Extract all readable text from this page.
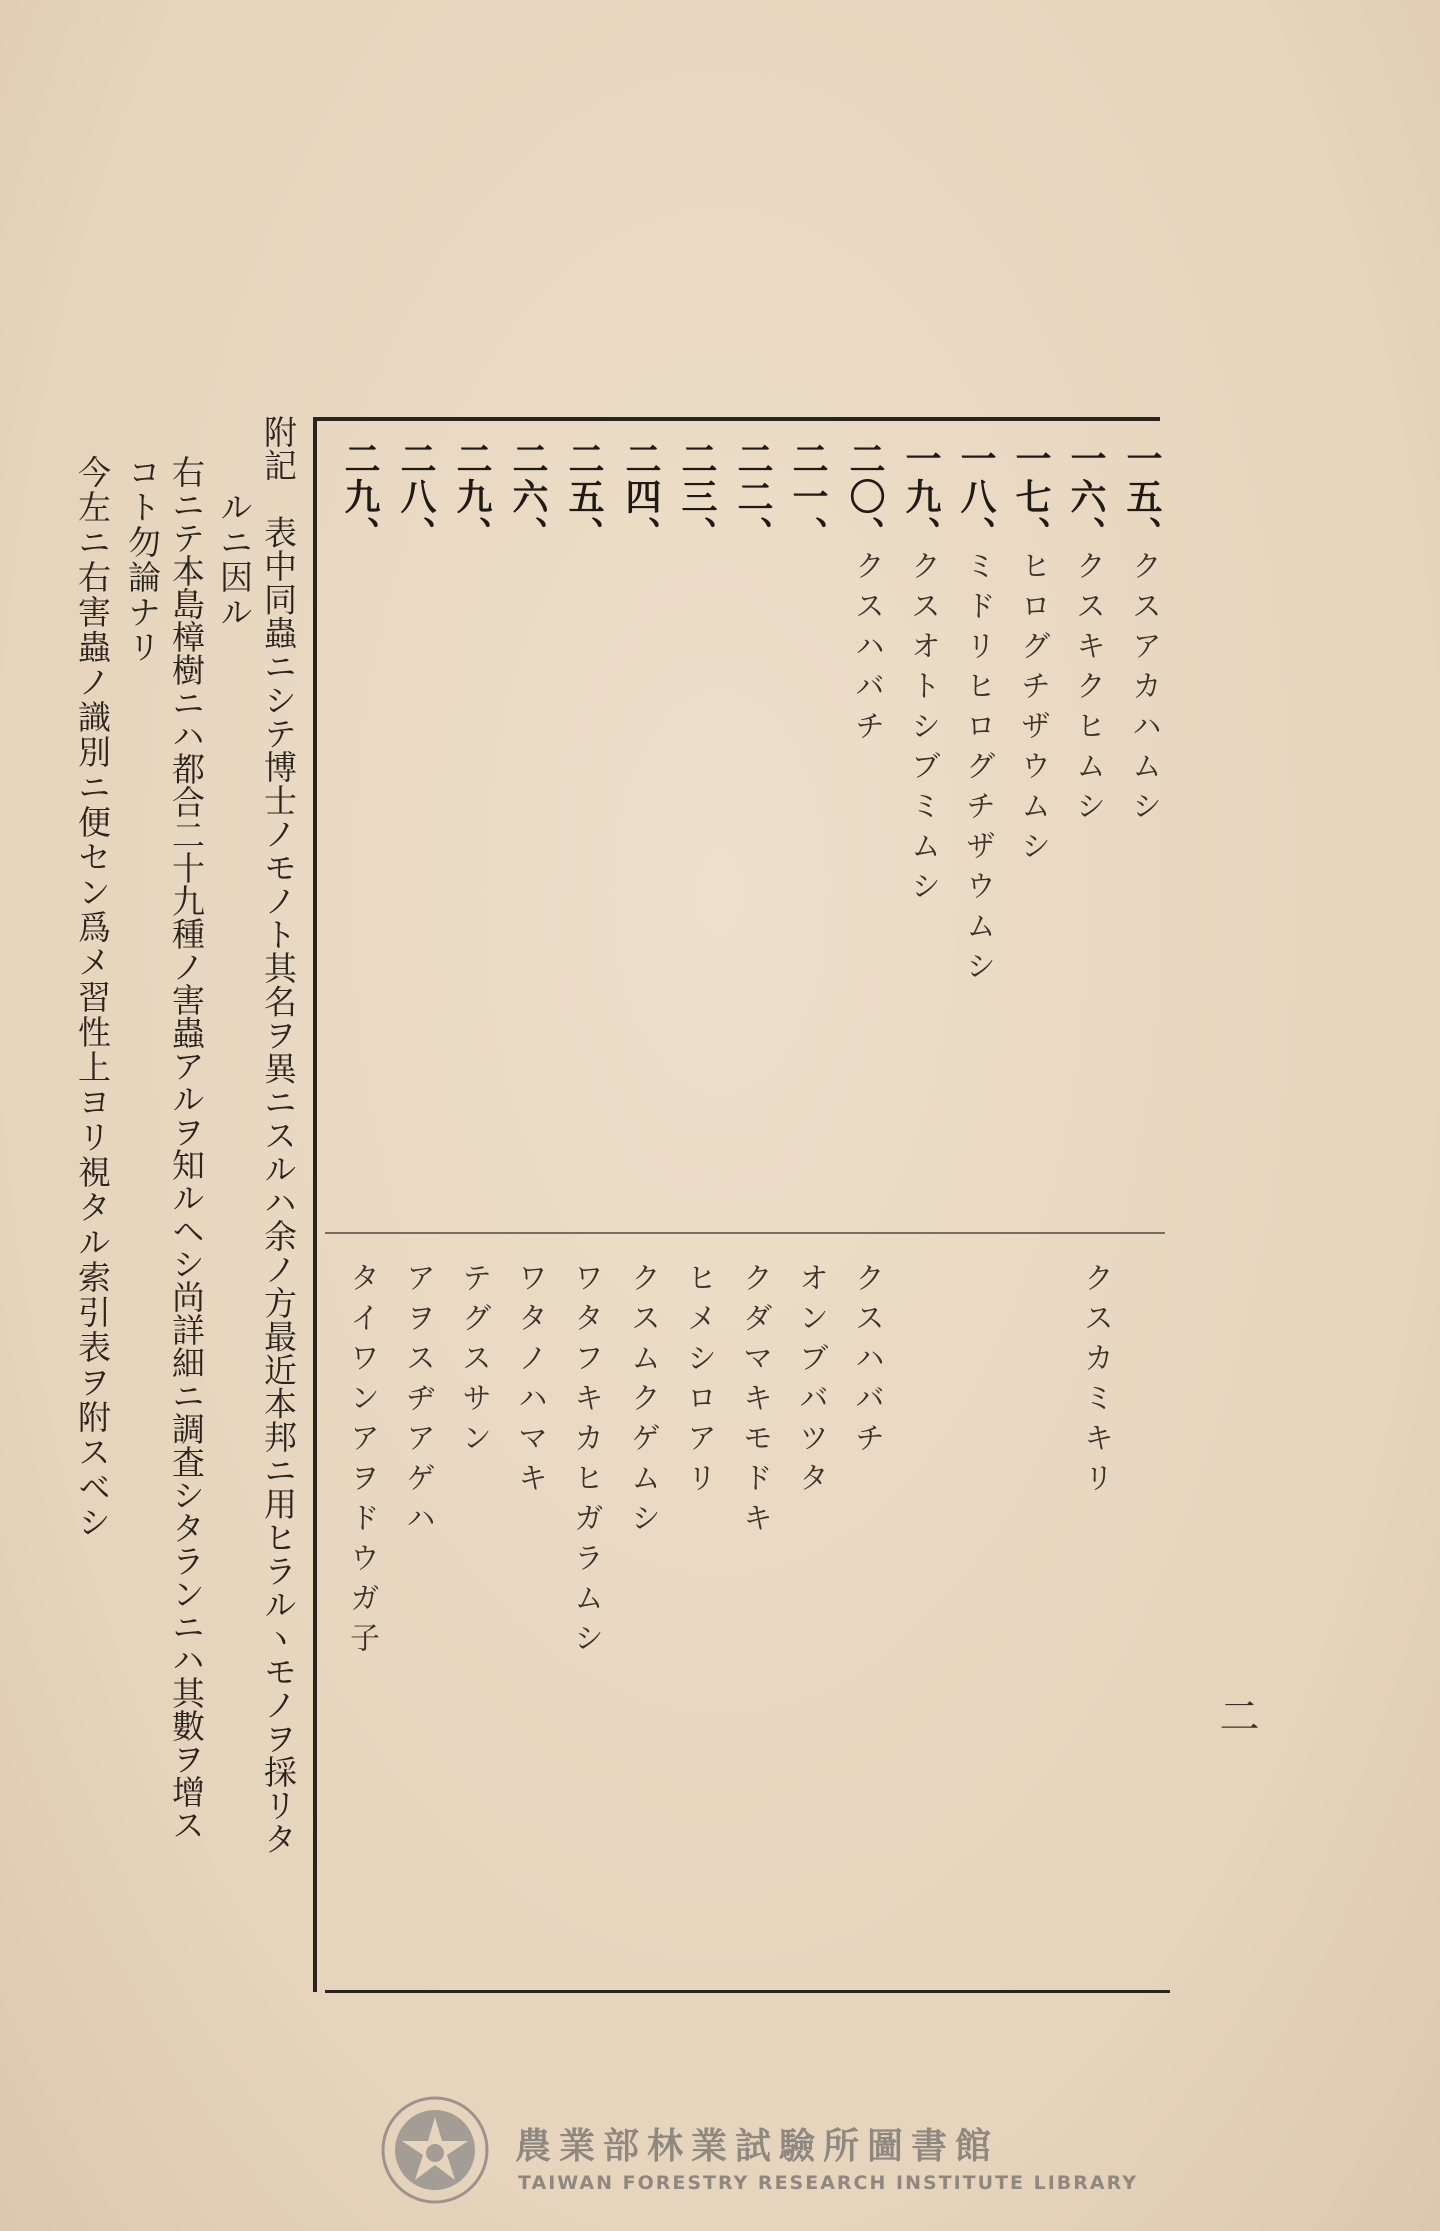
一五、
クスアカハムシ
クスカミキリ
一六、
クスキクヒムシ
一七、
ヒログチザウムシ
一八、
ミドリヒログチザウムシ
一九、
クスオトシブミムシ
二〇、
クスハバチ
クスハバチ
二一、
オンブバツタ
二二、
クダマキモドキ
二三、
ヒメシロアリ
二四、
クスムクゲムシ
二五、
ワタフキカヒガラムシ
二六、
ワタノハマキ
二九、
テグスサン
二八、
アヲスヂアゲハ
二九、
タイワンアヲドウガ子
附記　表中同蟲ニシテ博士ノモノト其名ヲ異ニスルハ余ノ方最近本邦ニ用ヒラルヽモノヲ採リタ
ルニ因ル
右ニテ本島樟樹ニハ都合二十九種ノ害蟲アルヲ知ルヘシ尚詳細ニ調査シタランニハ其數ヲ增ス
コト勿論ナリ
今左ニ右害蟲ノ識別ニ便セン爲メ習性上ヨリ視タル索引表ヲ附スベシ
二
農業部林業試驗所圖書館
TAIWAN FORESTRY RESEARCH INSTITUTE LIBRARY
